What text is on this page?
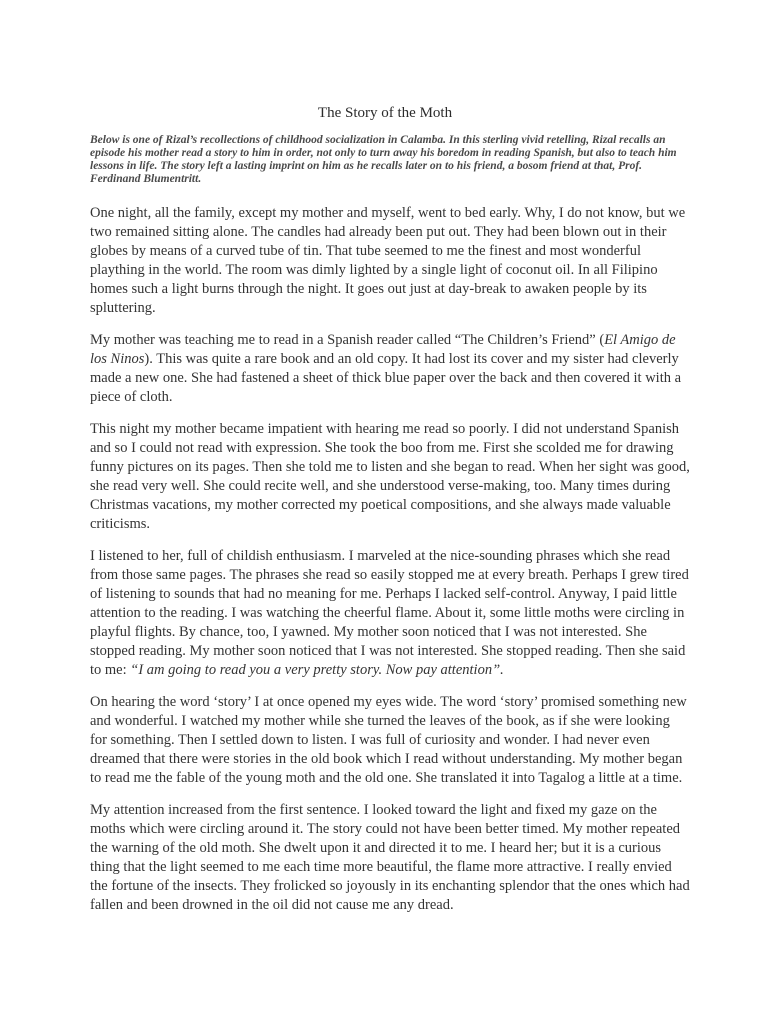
The Story of the Moth
Below is one of Rizal’s recollections of childhood socialization in Calamba. In this sterling vivid retelling, Rizal recalls an episode his mother read a story to him in order, not only to turn away his boredom in reading Spanish, but also to teach him lessons in life. The story left a lasting imprint on him as he recalls later on to his friend, a bosom friend at that, Prof. Ferdinand Blumentritt.

One night, all the family, except my mother and myself, went to bed early. Why, I do not know, but we two remained sitting alone. The candles had already been put out. They had been blown out in their globes by means of a curved tube of tin. That tube seemed to me the finest and most wonderful plaything in the world. The room was dimly lighted by a single light of coconut oil. In all Filipino homes such a light burns through the night. It goes out just at day-break to awaken people by its spluttering.

My mother was teaching me to read in a Spanish reader called “The Children’s Friend” (El Amigo de los Ninos). This was quite a rare book and an old copy. It had lost its cover and my sister had cleverly made a new one. She had fastened a sheet of thick blue paper over the back and then covered it with a piece of cloth.

This night my mother became impatient with hearing me read so poorly. I did not understand Spanish and so I could not read with expression. She took the boo from me. First she scolded me for drawing funny pictures on its pages. Then she told me to listen and she began to read. When her sight was good, she read very well. She could recite well, and she understood verse-making, too. Many times during Christmas vacations, my mother corrected my poetical compositions, and she always made valuable criticisms.

I listened to her, full of childish enthusiasm. I marveled at the nice-sounding phrases which she read from those same pages. The phrases she read so easily stopped me at every breath. Perhaps I grew tired of listening to sounds that had no meaning for me. Perhaps I lacked self-control. Anyway, I paid little attention to the reading. I was watching the cheerful flame. About it, some little moths were circling in playful flights. By chance, too, I yawned. My mother soon noticed that I was not interested. She stopped reading. My mother soon noticed that I was not interested. She stopped reading. Then she said to me: “I am going to read you a very pretty story. Now pay attention”.

On hearing the word ‘story’ I at once opened my eyes wide. The word ‘story’ promised something new and wonderful. I watched my mother while she turned the leaves of the book, as if she were looking for something. Then I settled down to listen. I was full of curiosity and wonder. I had never even dreamed that there were stories in the old book which I read without understanding. My mother began to read me the fable of the young moth and the old one. She translated it into Tagalog a little at a time.

My attention increased from the first sentence. I looked toward the light and fixed my gaze on the moths which were circling around it. The story could not have been better timed. My mother repeated the warning of the old moth. She dwelt upon it and directed it to me. I heard her; but it is a curious thing that the light seemed to me each time more beautiful, the flame more attractive. I really envied the fortune of the insects. They frolicked so joyously in its enchanting splendor that the ones which had fallen and been drowned in the oil did not cause me any dread.
